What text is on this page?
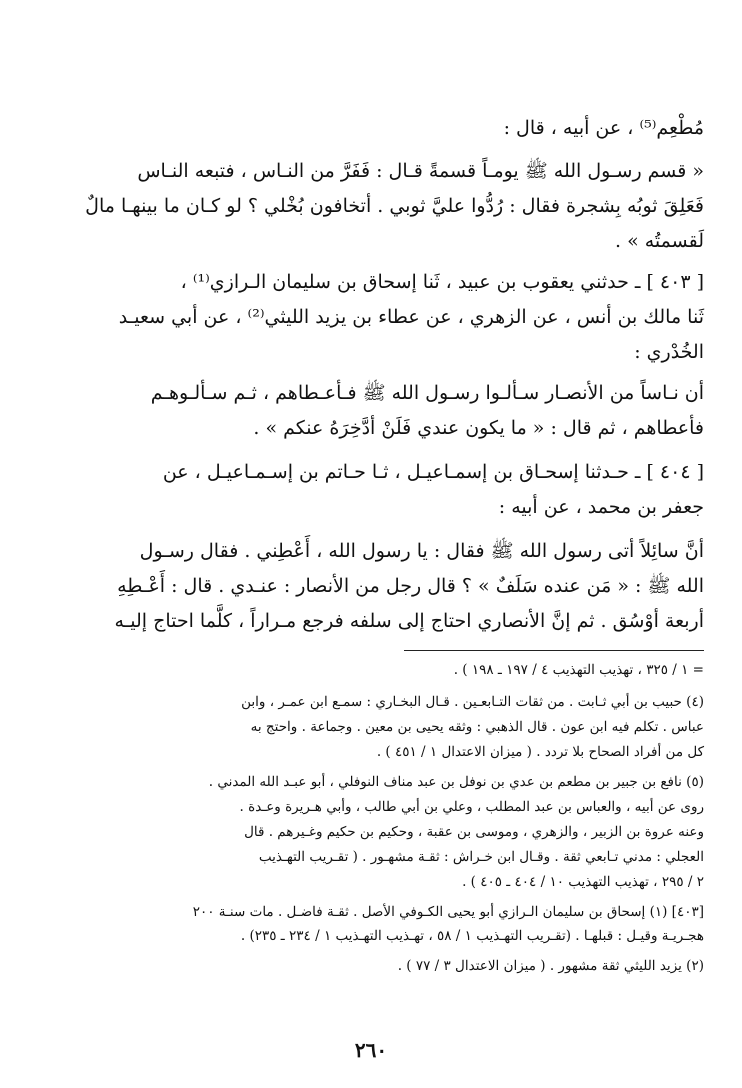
مُطْعِم⁽⁵⁾ ، عن أبيه ، قال :
« قسم رسـول الله ﷺ يومـاً قسمةً قـال : فَفَرَّ من النـاس ، فتبعه النـاس
فَعَلِقَ ثوبُه بِشجرة فقال : رُدُّوا عليَّ ثوبي . أتخافون بُخْلي ؟ لو كـان ما بينهـا مالٌ
لَقسمتُه » .
[ ٤٠٣ ] ـ حدثني يعقوب بن عبيد ، ثَنا إسحاق بن سليمان الـرازي⁽¹⁾ ،
ثَنا مالك بن أنس ، عن الزهري ، عن عطاء بن يزيد الليثي⁽²⁾ ، عن أبي سعيـد
الخُدْري :
أن نـاساً من الأنصـار سـألـوا رسـول الله ﷺ فـأعـطاهم ، ثـم سـألـوهـم
فأعطاهم ، ثم قال : « ما يكون عندي فَلَنْ أدَّخِرَهُ عنكم » .
[ ٤٠٤ ] ـ حـدثنا إسحـاق بن إسمـاعيـل ، ثـا حـاتم بن إسـمـاعيـل ، عن
جعفر بن محمد ، عن أبيه :
أنَّ سائِلاً أتى رسول الله ﷺ فقال : يا رسول الله ، أَعْطِني . فقال رسـول
الله ﷺ : « مَن عنده سَلَفٌ » ؟ قال رجل من الأنصار : عنـدي . قال : أَعْـطِهِ
أربعة أوْسُق . ثم إنَّ الأنصاري احتاج إلى سلفه فرجع مـراراً ، كلَّما احتاج إليـه
= ١ / ٣٢٥ ، تهذيب التهذيب ٤ / ١٩٧ ـ ١٩٨ ) .
(٤) حبيب بن أبي ثـابت . من ثقات التـابعـين . قـال البخـاري : سمـع ابن عمـر ، وابن
عباس . تكلم فيه ابن عون . قال الذهبي : وثقه يحيى بن معين . وجماعة . واحتج به
كل من أفراد الصحاح بلا تردد . ( ميزان الاعتدال ١ / ٤٥١ ) .
(٥) نافع بن جبير بن مطعم بن عدي بن نوفل بن عبد مناف النوفلي ، أبو عبـد الله المدني .
روى عن أبيه ، والعباس بن عبد المطلب ، وعلي بن أبي طالب ، وأبي هـريرة وعـدة .
وعنه عروة بن الزبير ، والزهري ، وموسى بن عقبة ، وحكيم بن حكيم وغـيرهم . قال
العجلي : مدني تـابعي ثقة . وقـال ابن خـراش : ثقـة مشهـور . ( تقـريب التهـذيب
٢ / ٢٩٥ ، تهذيب التهذيب ١٠ / ٤٠٤ ـ ٤٠٥ ) .
[٤٠٣] (١) إسحاق بن سليمان الـرازي أبو يحيى الكـوفي الأصل . ثقـة فاضـل . مات سنـة ٢٠٠
هجـريـة وقيـل : قبلهـا . (تقـريب التهـذيب ١ / ٥٨ ، تهـذيب التهـذيب ١ / ٢٣٤ ـ ٢٣٥) .
(٢) يزيد الليثي ثقة مشهور . ( ميزان الاعتدال ٣ / ٧٧ ) .
٢٦٠
